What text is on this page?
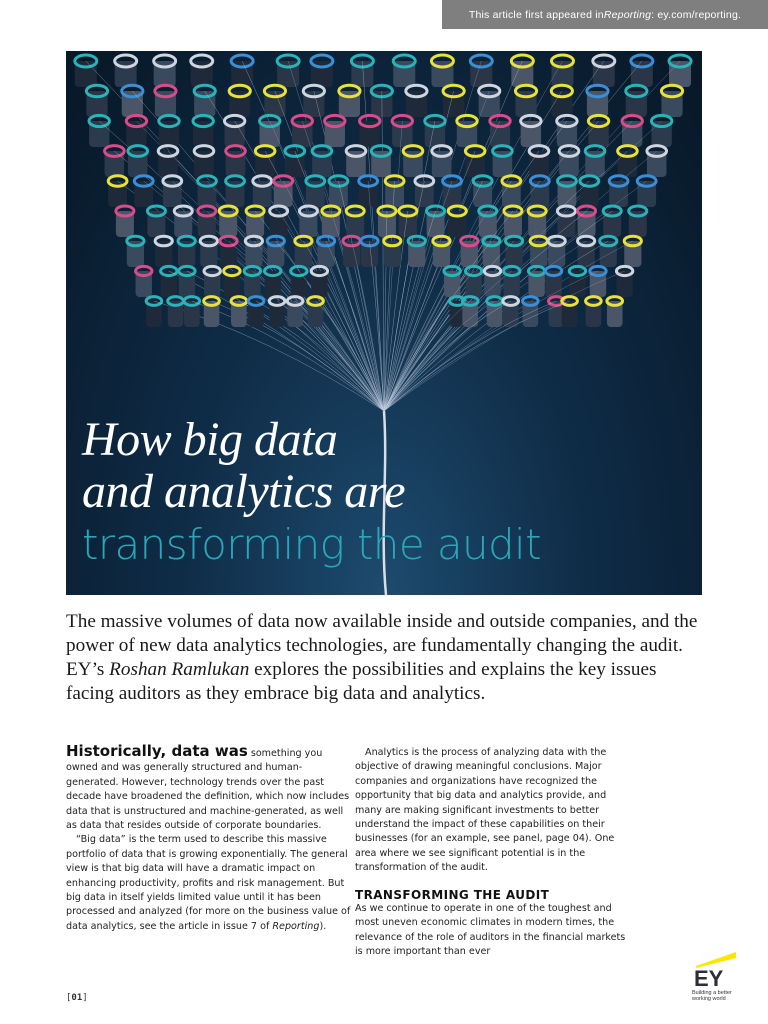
This article first appeared in Reporting : ey.com/reporting.
How big data
and analytics are
transforming the audit
The massive volumes of data now available inside and outside companies, and the power of new data analytics technologies, are fundamentally changing the audit. EY’s Roshan Ramlukan explores the possibilities and explains the key issues facing auditors as they embrace big data and analytics.

Historically, data was something you owned and was generally structured and human-generated. However, technology trends over the past decade have broadened the definition, which now includes data that is unstructured and machine-generated, as well as data that resides outside of corporate boundaries.

“Big data” is the term used to describe this massive portfolio of data that is growing exponentially. The general view is that big data will have a dramatic impact on enhancing productivity, profits and risk management. But big data in itself yields limited value until it has been processed and analyzed (for more on the business value of data analytics, see the article in issue 7 of Reporting).

Analytics is the process of analyzing data with the objective of drawing meaningful conclusions. Major companies and organizations have recognized the opportunity that big data and analytics provide, and many are making significant investments to better understand the impact of these capabilities on their businesses (for an example, see panel, page 04). One area where we see significant potential is in the transformation of the audit.

TRANSFORMING THE AUDIT

As we continue to operate in one of the toughest and most uneven economic climates in modern times, the relevance of the role of auditors in the financial markets is more important than ever

[01]
EY
Building a better
working world
